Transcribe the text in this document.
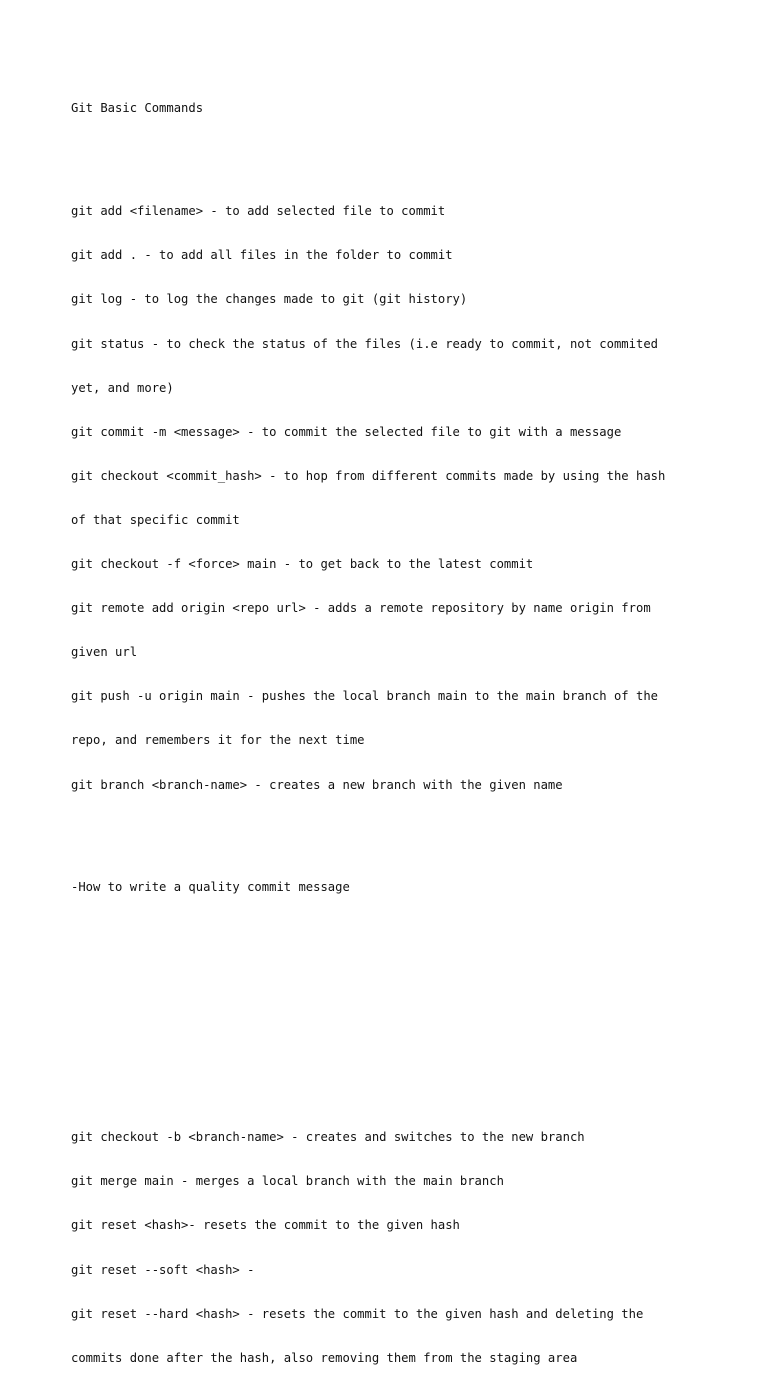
Git Basic Commands

git add <filename> - to add selected file to commit

git add . - to add all files in the folder to commit

git log - to log the changes made to git (git history)

git status - to check the status of the files (i.e ready to commit, not commited

yet, and more)

git commit -m <message> - to commit the selected file to git with a message

git checkout <commit_hash> - to hop from different commits made by using the hash

of that specific commit

git checkout -f <force> main - to get back to the latest commit

git remote add origin <repo url> - adds a remote repository by name origin from

given url

git push -u origin main - pushes the local branch main to the main branch of the

repo, and remembers it for the next time

git branch <branch-name> - creates a new branch with the given name

-How to write a quality commit message

git checkout -b <branch-name> - creates and switches to the new branch

git merge main - merges a local branch with the main branch

git reset <hash>- resets the commit to the given hash

git reset --soft <hash> -

git reset --hard <hash> - resets the commit to the given hash and deleting the

commits done after the hash, also removing them from the staging area
